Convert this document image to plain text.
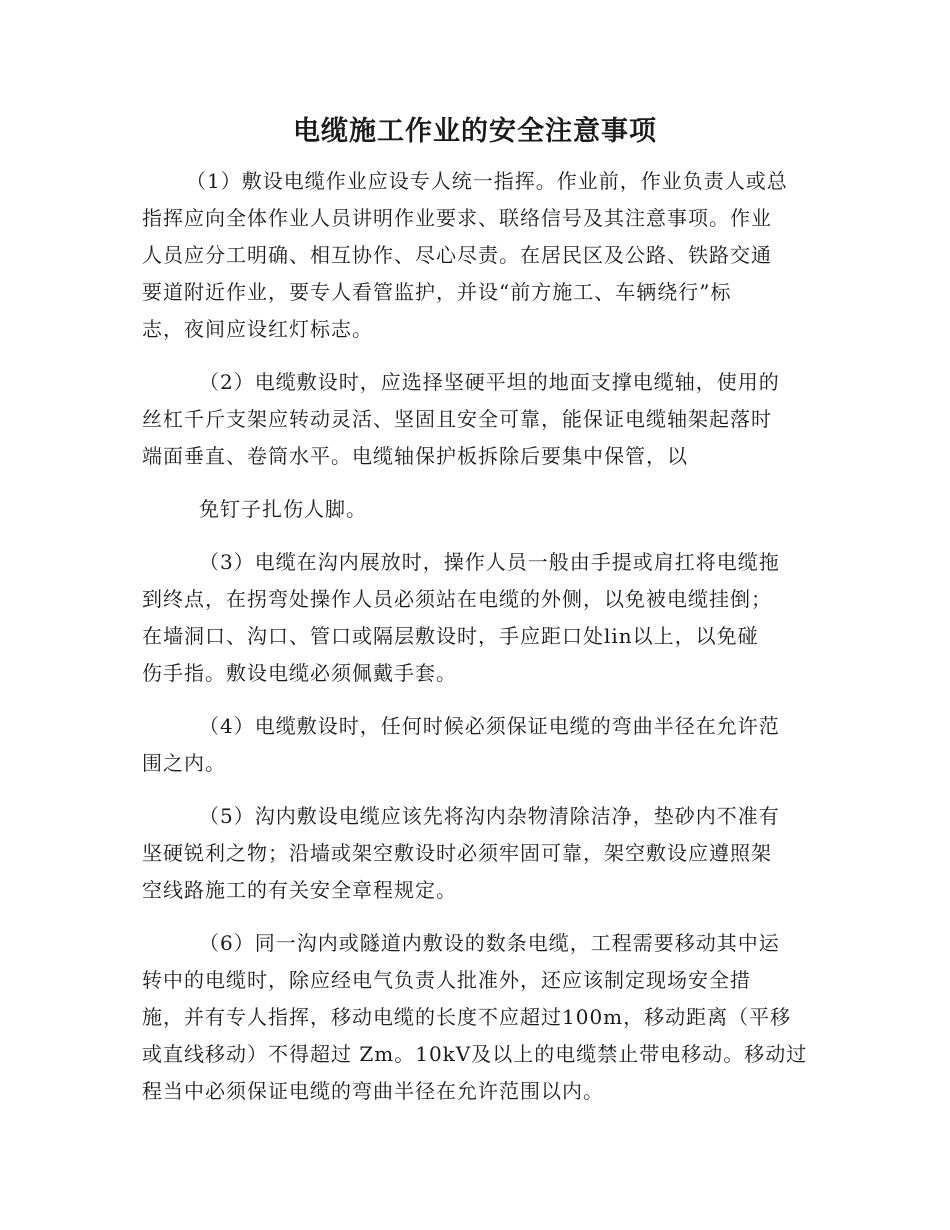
电缆施工作业的安全注意事项
（1）敷设电缆作业应设专人统一指挥。作业前，作业负责人或总
指挥应向全体作业人员讲明作业要求、联络信号及其注意事项。作业
人员应分工明确、相互协作、尽心尽责。在居民区及公路、铁路交通
要道附近作业，要专人看管监护，并设“前方施工、车辆绕行”标
志，夜间应设红灯标志。
（2）电缆敷设时，应选择坚硬平坦的地面支撑电缆轴，使用的
丝杠千斤支架应转动灵活、坚固且安全可靠，能保证电缆轴架起落时
端面垂直、卷筒水平。电缆轴保护板拆除后要集中保管，以
免钉子扎伤人脚。
（3）电缆在沟内展放时，操作人员一般由手提或肩扛将电缆拖
到终点，在拐弯处操作人员必须站在电缆的外侧，以免被电缆挂倒；
在墙洞口、沟口、管口或隔层敷设时，手应距口处lin以上，以免碰
伤手指。敷设电缆必须佩戴手套。
（4）电缆敷设时，任何时候必须保证电缆的弯曲半径在允许范
围之内。
（5）沟内敷设电缆应该先将沟内杂物清除洁净，垫砂内不准有
坚硬锐利之物；沿墙或架空敷设时必须牢固可靠，架空敷设应遵照架
空线路施工的有关安全章程规定。
（6）同一沟内或隧道内敷设的数条电缆，工程需要移动其中运
转中的电缆时，除应经电气负责人批准外，还应该制定现场安全措
施，并有专人指挥，移动电缆的长度不应超过100m，移动距离（平移
或直线移动）不得超过 Zm。10kV及以上的电缆禁止带电移动。移动过
程当中必须保证电缆的弯曲半径在允许范围以内。
